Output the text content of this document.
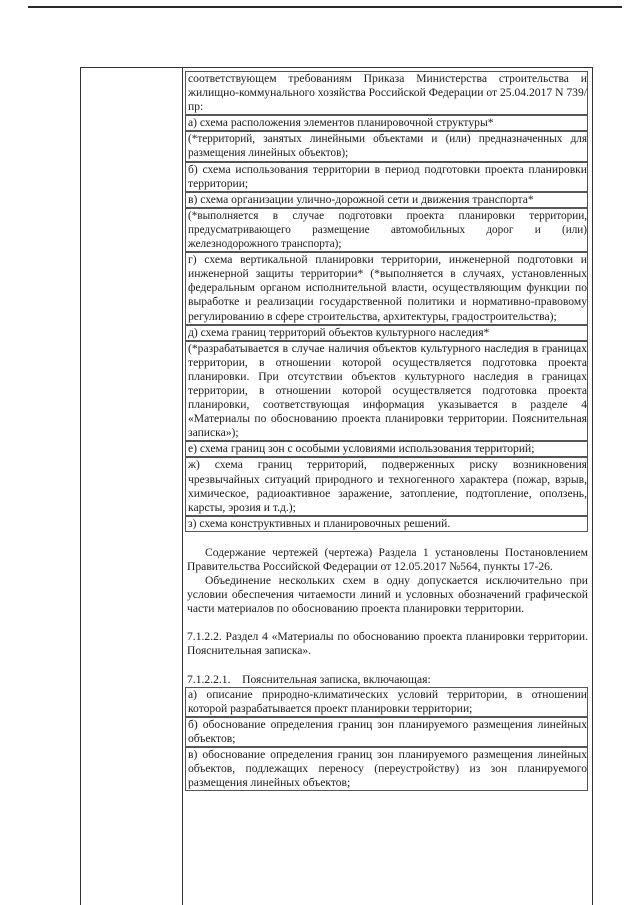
соответствующем требованиям Приказа Министерства строительства и жилищно-коммунального хозяйства Российской Федерации от 25.04.2017 N 739/пр:

а) схема расположения элементов планировочной структуры*

(*территорий, занятых линейными объектами и (или) предназначенных для размещения линейных объектов);

б) схема использования территории в период подготовки проекта планировки территории;

в) схема организации улично-дорожной сети и движения транспорта*

(*выполняется в случае подготовки проекта планировки территории, предусматривающего размещение автомобильных дорог и (или) железнодорожного транспорта);

г) схема вертикальной планировки территории, инженерной подготовки и инженерной защиты территории* (*выполняется в случаях, установленных федеральным органом исполнительной власти, осуществляющим функции по выработке и реализации государственной политики и нормативно-правовому регулированию в сфере строительства, архитектуры, градостроительства);

д) схема границ территорий объектов культурного наследия*

(*разрабатывается в случае наличия объектов культурного наследия в границах территории, в отношении которой осуществляется подготовка проекта планировки. При отсутствии объектов культурного наследия в границах территории, в отношении которой осуществляется подготовка проекта планировки, соответствующая информация указывается в разделе 4 «Материалы по обоснованию проекта планировки территории. Пояснительная записка»);

е) схема границ зон с особыми условиями использования территорий;

ж) схема границ территорий, подверженных риску возникновения чрезвычайных ситуаций природного и техногенного характера (пожар, взрыв, химическое, радиоактивное заражение, затопление, подтопление, оползень, карсты, эрозия и т.д.);

з) схема конструктивных и планировочных решений.

Содержание чертежей (чертежа) Раздела 1 установлены Постановлением Правительства Российской Федерации от 12.05.2017 №564, пункты 17-26.

Объединение нескольких схем в одну допускается исключительно при условии обеспечения читаемости линий и условных обозначений графической части материалов по обоснованию проекта планировки территории.

7.1.2.2. Раздел 4 «Материалы по обоснованию проекта планировки территории. Пояснительная записка».

7.1.2.2.1. Пояснительная записка, включающая:

а) описание природно-климатических условий территории, в отношении которой разрабатывается проект планировки территории;

б) обоснование определения границ зон планируемого размещения линейных объектов;

в) обоснование определения границ зон планируемого размещения линейных объектов, подлежащих переносу (переустройству) из зон планируемого размещения линейных объектов;
